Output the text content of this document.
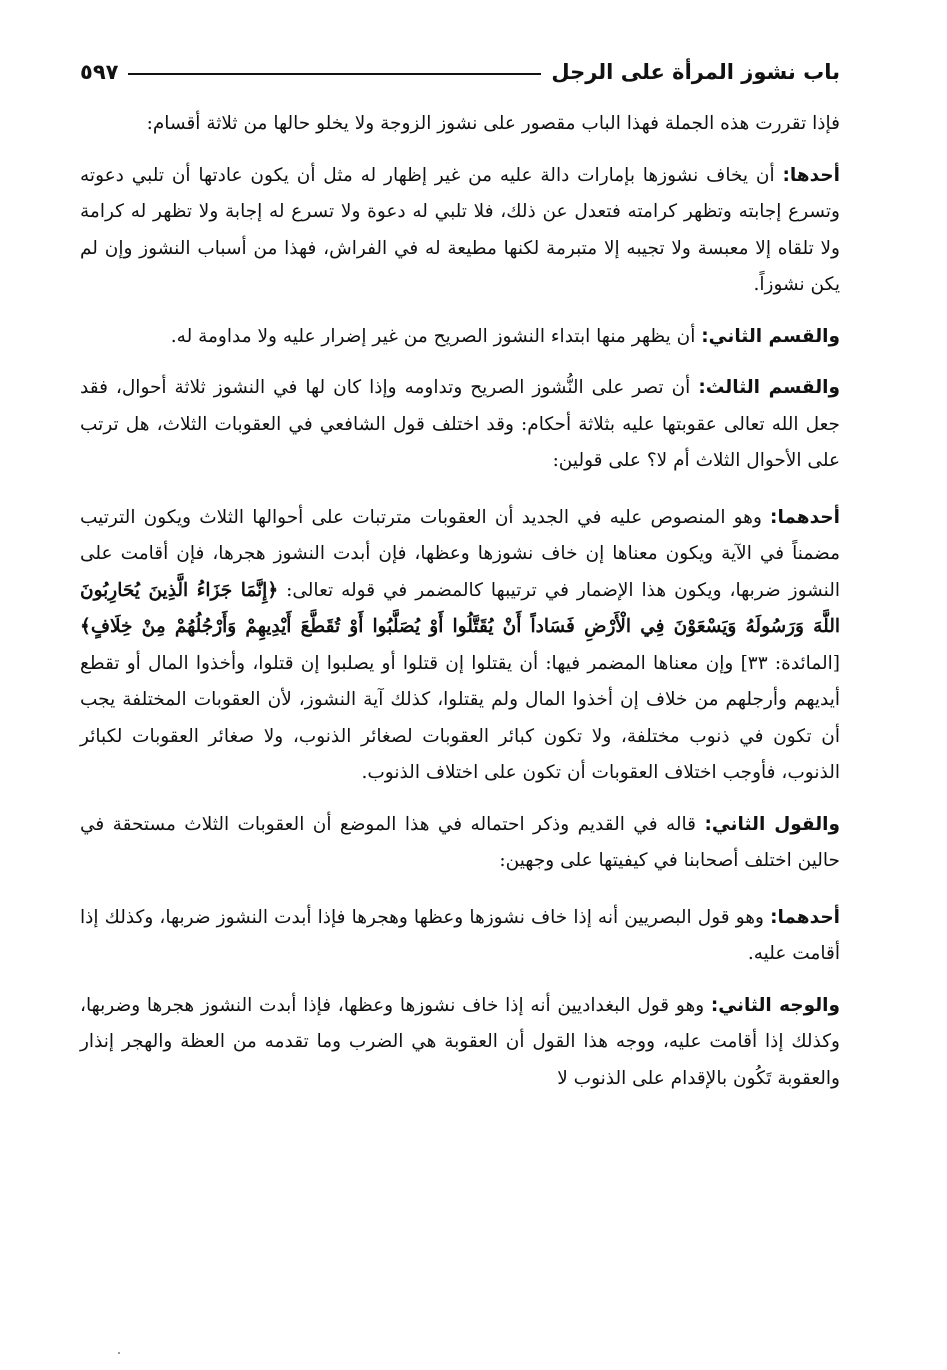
باب نشوز المرأة على الرجل
٥٩٧

فإذا تقررت هذه الجملة فهذا الباب مقصور على نشوز الزوجة ولا يخلو حالها من ثلاثة أقسام:

أحدها: أن يخاف نشوزها بإمارات دالة عليه من غير إظهار له مثل أن يكون عادتها أن تلبي دعوته وتسرع إجابته وتظهر كرامته فتعدل عن ذلك، فلا تلبي له دعوة ولا تسرع له إجابة ولا تظهر له كرامة ولا تلقاه إلا معبسة ولا تجيبه إلا متبرمة لكنها مطيعة له في الفراش، فهذا من أسباب النشوز وإن لم يكن نشوزاً.

والقسم الثاني: أن يظهر منها ابتداء النشوز الصريح من غير إضرار عليه ولا مداومة له.

والقسم الثالث: أن تصر على النُّشوز الصريح وتداومه وإذا كان لها في النشوز ثلاثة أحوال، فقد جعل الله تعالى عقوبتها عليه بثلاثة أحكام: وقد اختلف قول الشافعي في العقوبات الثلاث، هل ترتب على الأحوال الثلاث أم لا؟ على قولين:

أحدهما: وهو المنصوص عليه في الجديد أن العقوبات مترتبات على أحوالها الثلاث ويكون الترتيب مضمناً في الآية ويكون معناها إن خاف نشوزها وعظها، فإن أبدت النشوز هجرها، فإن أقامت على النشوز ضربها، ويكون هذا الإضمار في ترتيبها كالمضمر في قوله تعالى: ﴿إِنَّمَا جَزَاءُ الَّذِينَ يُحَارِبُونَ اللَّهَ وَرَسُولَهُ وَيَسْعَوْنَ فِي الْأَرْضِ فَسَاداً أَنْ يُقَتَّلُوا أَوْ يُصَلَّبُوا أَوْ تُقَطَّعَ أَيْدِيهِمْ وَأَرْجُلُهُمْ مِنْ خِلَافٍ﴾ [المائدة: ٣٣] وإن معناها المضمر فيها: أن يقتلوا إن قتلوا أو يصلبوا إن قتلوا، وأخذوا المال أو تقطع أيديهم وأرجلهم من خلاف إن أخذوا المال ولم يقتلوا، كذلك آية النشوز، لأن العقوبات المختلفة يجب أن تكون في ذنوب مختلفة، ولا تكون كبائر العقوبات لصغائر الذنوب، ولا صغائر العقوبات لكبائر الذنوب، فأوجب اختلاف العقوبات أن تكون على اختلاف الذنوب.

والقول الثاني: قاله في القديم وذكر احتماله في هذا الموضع أن العقوبات الثلاث مستحقة في حالين اختلف أصحابنا في كيفيتها على وجهين:

أحدهما: وهو قول البصريين أنه إذا خاف نشوزها وعظها وهجرها فإذا أبدت النشوز ضربها، وكذلك إذا أقامت عليه.

والوجه الثاني: وهو قول البغداديين أنه إذا خاف نشوزها وعظها، فإذا أبدت النشوز هجرها وضربها، وكذلك إذا أقامت عليه، ووجه هذا القول أن العقوبة هي الضرب وما تقدمه من العظة والهجر إنذار والعقوبة تَكُون بالإقدام على الذنوب لا
